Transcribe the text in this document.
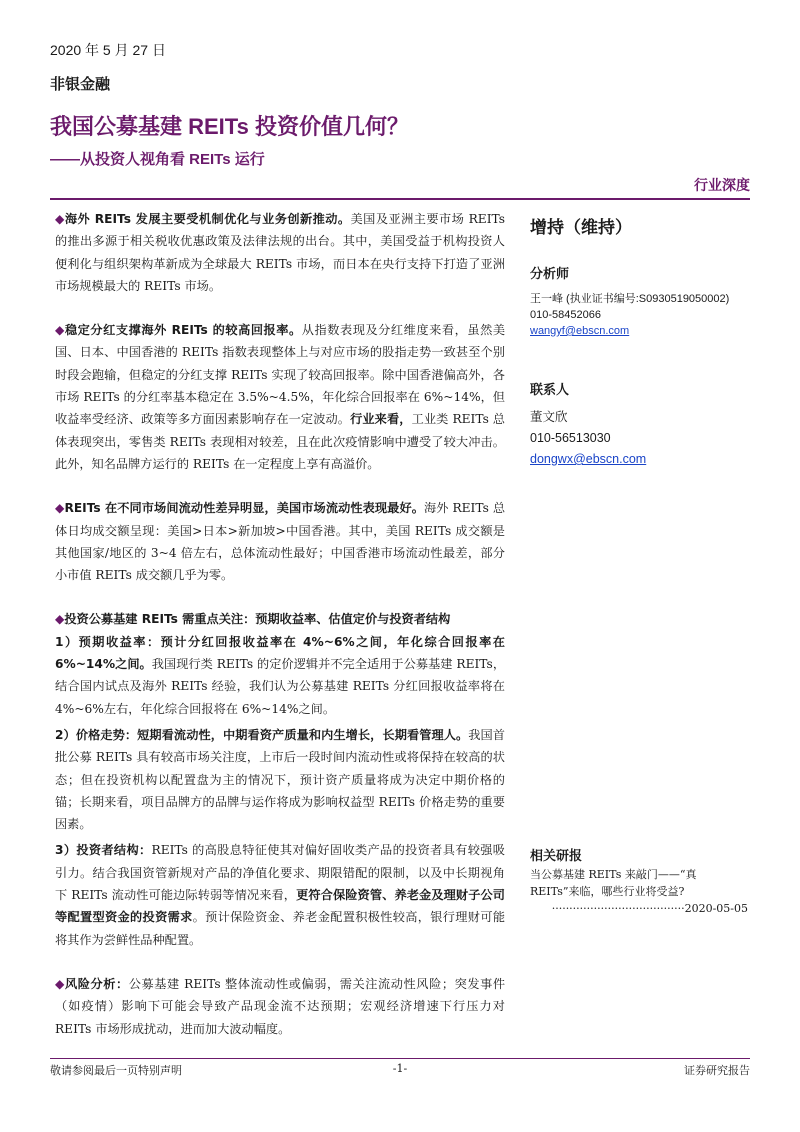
2020 年 5 月 27 日
非银金融
我国公募基建 REITs 投资价值几何？
——从投资人视角看 REITs 运行
行业深度

◆海外 REITs 发展主要受机制优化与业务创新推动。美国及亚洲主要市场 REITs 的推出多源于相关税收优惠政策及法律法规的出台。其中，美国受益于机构投资人便利化与组织架构革新成为全球最大 REITs 市场，而日本在央行支持下打造了亚洲市场规模最大的 REITs 市场。

◆稳定分红支撑海外 REITs 的较高回报率。从指数表现及分红维度来看，虽然美国、日本、中国香港的 REITs 指数表现整体上与对应市场的股指走势一致甚至个别时段会跑输，但稳定的分红支撑 REITs 实现了较高回报率。除中国香港偏高外，各市场 REITs 的分红率基本稳定在 3.5%~4.5%，年化综合回报率在 6%~14%，但收益率受经济、政策等多方面因素影响存在一定波动。行业来看，工业类 REITs 总体表现突出，零售类 REITs 表现相对较差，且在此次疫情影响中遭受了较大冲击。此外，知名品牌方运行的 REITs 在一定程度上享有高溢价。

◆REITs 在不同市场间流动性差异明显，美国市场流动性表现最好。海外 REITs 总体日均成交额呈现：美国>日本>新加坡>中国香港。其中，美国 REITs 成交额是其他国家/地区的 3~4 倍左右，总体流动性最好；中国香港市场流动性最差，部分小市值 REITs 成交额几乎为零。

◆投资公募基建 REITs 需重点关注：预期收益率、估值定价与投资者结构

1）预期收益率：预计分红回报收益率在 4%~6%之间，年化综合回报率在 6%~14%之间。我国现行类 REITs 的定价逻辑并不完全适用于公募基建 REITs，结合国内试点及海外 REITs 经验，我们认为公募基建 REITs 分红回报收益率将在 4%~6%左右，年化综合回报将在 6%~14%之间。

2）价格走势：短期看流动性，中期看资产质量和内生增长，长期看管理人。我国首批公募 REITs 具有较高市场关注度，上市后一段时间内流动性或将保持在较高的状态；但在投资机构以配置盘为主的情况下，预计资产质量将成为决定中期价格的锚；长期来看，项目品牌方的品牌与运作将成为影响权益型 REITs 价格走势的重要因素。

3）投资者结构：REITs 的高股息特征使其对偏好固收类产品的投资者具有较强吸引力。结合我国资管新规对产品的净值化要求、期限错配的限制，以及中长期视角下 REITs 流动性可能边际转弱等情况来看，更符合保险资管、养老金及理财子公司等配置型资金的投资需求。预计保险资金、养老金配置积极性较高，银行理财可能将其作为尝鲜性品种配置。

◆风险分析：公募基建 REITs 整体流动性或偏弱，需关注流动性风险；突发事件（如疫情）影响下可能会导致产品现金流不达预期；宏观经济增速下行压力对 REITs 市场形成扰动，进而加大波动幅度。

增持（维持）

分析师

王一峰 (执业证书编号:S0930519050002)

010-58452066

wangyf@ebscn.com

联系人

董文欣

010-56513030

dongwx@ebscn.com

相关研报

当公募基建 REITs 来敲门——“真 REITs”来临，哪些行业将受益?

······································2020-05-05

敬请参阅最后一页特别声明	-1-	证券研究报告
